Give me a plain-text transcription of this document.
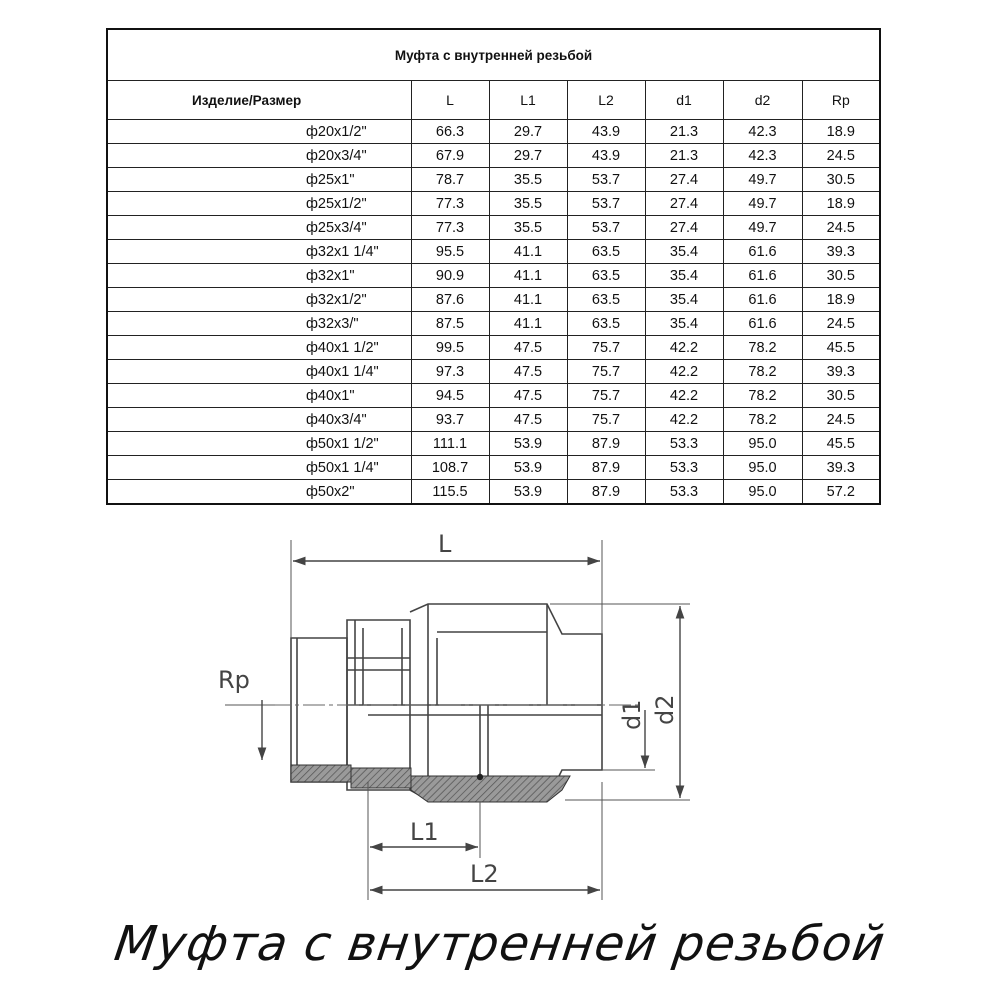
Муфта с внутренней резьбой						
Изделие/Размер	L	L1	L2	d1	d2	Rp
ф20х1/2"	66.3	29.7	43.9	21.3	42.3	18.9
ф20х3/4"	67.9	29.7	43.9	21.3	42.3	24.5
ф25х1"	78.7	35.5	53.7	27.4	49.7	30.5
ф25х1/2"	77.3	35.5	53.7	27.4	49.7	18.9
ф25х3/4"	77.3	35.5	53.7	27.4	49.7	24.5
ф32х1 1/4"	95.5	41.1	63.5	35.4	61.6	39.3
ф32х1"	90.9	41.1	63.5	35.4	61.6	30.5
ф32х1/2"	87.6	41.1	63.5	35.4	61.6	18.9
ф32х3/"	87.5	41.1	63.5	35.4	61.6	24.5
ф40х1 1/2"	99.5	47.5	75.7	42.2	78.2	45.5
ф40х1 1/4"	97.3	47.5	75.7	42.2	78.2	39.3
ф40х1"	94.5	47.5	75.7	42.2	78.2	30.5
ф40х3/4"	93.7	47.5	75.7	42.2	78.2	24.5
ф50х1 1/2"	111.1	53.9	87.9	53.3	95.0	45.5
ф50х1 1/4"	108.7	53.9	87.9	53.3	95.0	39.3
ф50х2"	115.5	53.9	87.9	53.3	95.0	57.2
L
L1
L2
Rp
d1 d2
Муфта с внутренней резьбой
